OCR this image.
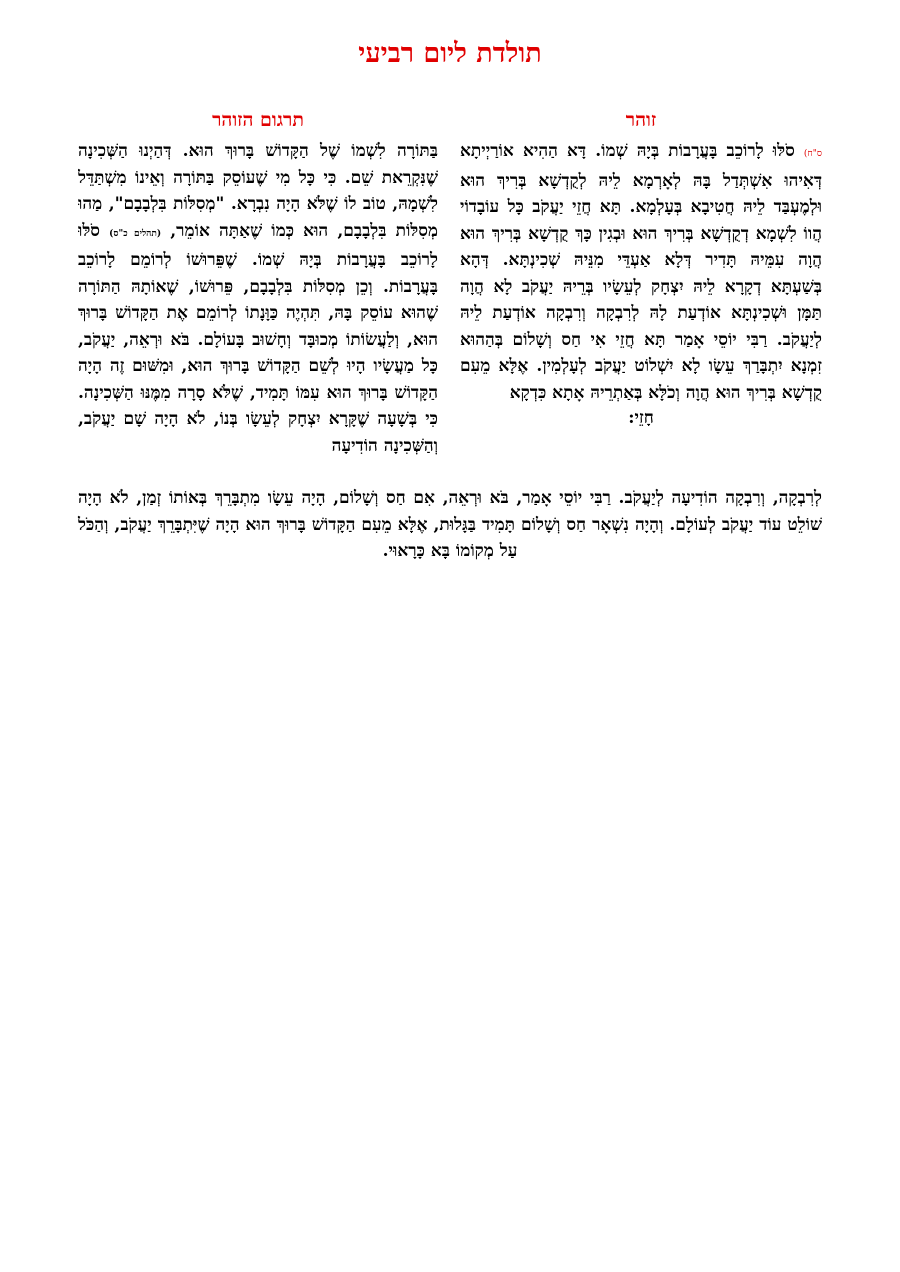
תולדת ליום רביעי
זוהר
תרגום הזוהר

ס"ח) סֹלּוּ לָרוֹכֵב בָּעֲרָבוֹת בְּיָהּ שְׁמוֹ. דָּא הַהִיא אוֹרַיְיתָא דְּאִיהוּ אִשְׁתְּדַל בָּהּ לְאָרְמָא לֵיהּ לְקֻדְשָׁא בְּרִיךְ הוּא וּלְמֶעְבַּד לֵיהּ חֲטִיבָא בְּעָלְמָא. תָּא חֲזֵי יַעֲקֹב כָּל עוֹבָדוֹי הֲווֹ לִשְׁמָא דְקֻדְשָׁא בְּרִיךְ הוּא וּבְגִין כָּךְ קֻדְשָׁא בְּרִיךְ הוּא הֲוָה עִמֵּיהּ תָּדִיר דְּלָא אַעְדֵּי מִנֵּיהּ שְׁכִינְתָּא. דְּהָא בְּשַׁעְתָּא דְקָרָא לֵיהּ יִצְחָק לְעֵשָׂיו בְּרֵיהּ יַעֲקֹב לָא הֲוָה תַּמָּן וּשְׁכִינְתָּא אוֹדְעַת לָהּ לְרִבְקָה וְרִבְקָה אוֹדְעַת לֵיהּ לְיַעֲקֹב. רַבִּי יוֹסֵי אָמַר תָּא חֲזֵי אִי חַס וְשָׁלוֹם בְּהַהוּא זִמְנָא יִתְבָּרַךְ עֵשָׂו לָא יִשְׁלוֹט יַעֲקֹב לְעָלְמִין. אֶלָּא מֵעִם קֻדְשָׁא בְּרִיךְ הוּא הֲוָה וְכֹלָּא בְּאַתְרֵיהּ אָתָא כִּדְקָא

חָזֵי:

בַּתּוֹרָה לִשְׁמוֹ שֶׁל הַקָּדוֹשׁ בָּרוּךְ הוּא. דְּהַיְנוּ הַשְּׁכִינָה שֶׁנִּקְרֵאת שֵׁם. כִּי כָּל מִי שֶׁעוֹסֵק בַּתּוֹרָה וְאֵינוֹ מִשְׁתַּדֵּל לִשְׁמָהּ, טוֹב לוֹ שֶׁלֹּא הָיָה נִבְרָא. "מְסִלּוֹת בִּלְבָבָם", מַהוּ מְסִלּוֹת בִּלְבָבָם, הוּא כְּמוֹ שֶׁאַתָּה אוֹמֵר, (תהלים כ"ס) סֹלּוּ לָרוֹכֵב בָּעֲרָבוֹת בְּיָהּ שְׁמוֹ. שֶׁפֵּרוּשׁוֹ לְרוֹמֵם לָרוֹכֵב בָּעֲרָבוֹת. וְכֵן מְסִלּוֹת בִּלְבָבָם, פֵּרוּשׁוֹ, שֶׁאוֹתָהּ הַתּוֹרָה שֶׁהוּא עוֹסֵק בָּהּ, תִּהְיֶה כַּוָּנָתוֹ לְרוֹמֵם אֶת הַקָּדוֹשׁ בָּרוּךְ הוּא, וְלַעֲשׂוֹתוֹ מְכוּבָּד וְחָשׁוּב בָּעוֹלָם. בֹּא וּרְאֵה, יַעֲקֹב, כָּל מַעֲשָׂיו הָיוּ לְשֵׁם הַקָּדוֹשׁ בָּרוּךְ הוּא, וּמִשּׁוּם זֶה הָיָה הַקָּדוֹשׁ בָּרוּךְ הוּא עִמּוֹ תָּמִיד, שֶׁלֹּא סָרָה מִמֶּנּוּ הַשְּׁכִינָה. כִּי בְּשָׁעָה שֶׁקָּרָא יִצְחָק לְעֵשָׂו בְּנוֹ, לֹא הָיָה שָׁם יַעֲקֹב, וְהַשְּׁכִינָה הוֹדִיעָה

לְרִבְקָה, וְרִבְקָה הוֹדִיעָה לְיַעֲקֹב. רַבִּי יוֹסֵי אָמַר, בֹּא וּרְאֵה, אִם חַס וְשָׁלוֹם, הָיָה עֵשָׂו מִתְבָּרֵךְ בְּאוֹתוֹ זְמַן, לֹא הָיָה שׁוֹלֵט עוֹד יַעֲקֹב לְעוֹלָם. וְהָיָה נִשְׁאָר חַס וְשָׁלוֹם תָּמִיד בַּגָּלוּת, אֶלָּא מֵעִם הַקָּדוֹשׁ בָּרוּךְ הוּא הָיָה שֶׁיִּתְבָּרֵךְ יַעֲקֹב, וְהַכֹּל עַל מְקוֹמוֹ בָּא כָּרָאוּי.
